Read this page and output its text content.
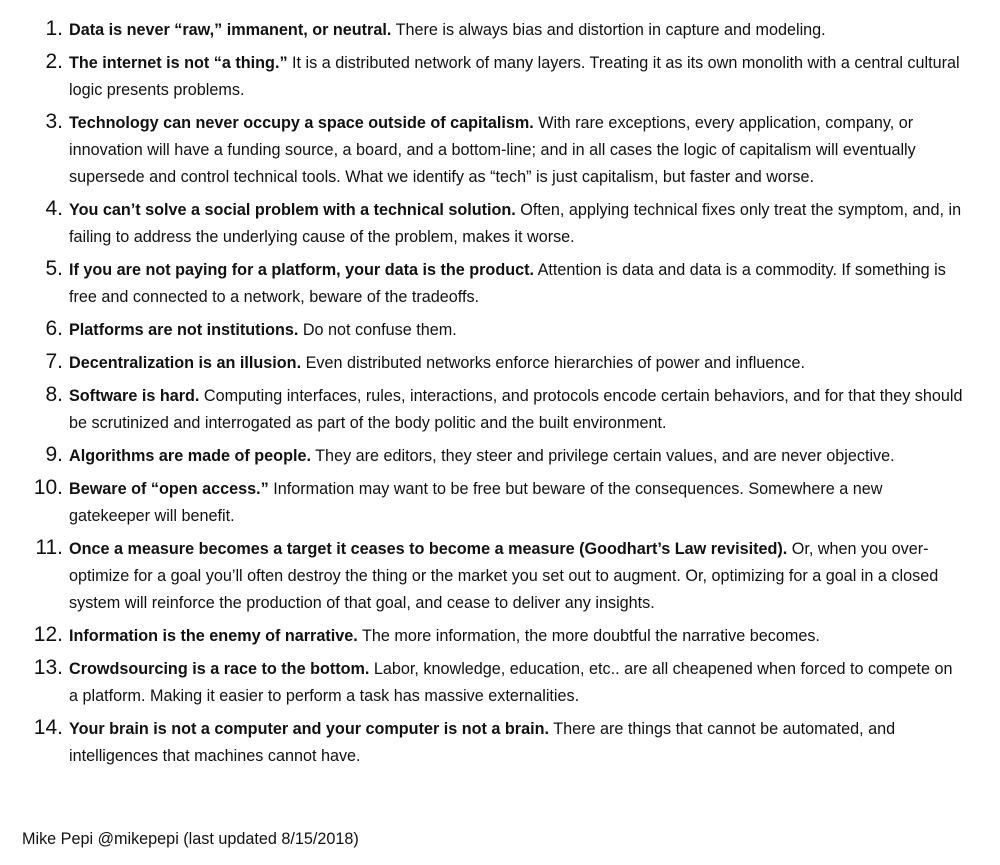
1. Data is never “raw,” immanent, or neutral. There is always bias and distortion in capture and modeling.
2. The internet is not “a thing.” It is a distributed network of many layers. Treating it as its own monolith with a central cultural logic presents problems.
3. Technology can never occupy a space outside of capitalism. With rare exceptions, every application, company, or innovation will have a funding source, a board, and a bottom-line; and in all cases the logic of capitalism will eventually supersede and control technical tools. What we identify as “tech” is just capitalism, but faster and worse.
4. You can’t solve a social problem with a technical solution. Often, applying technical fixes only treat the symptom, and, in failing to address the underlying cause of the problem, makes it worse.
5. If you are not paying for a platform, your data is the product. Attention is data and data is a commodity. If something is free and connected to a network, beware of the tradeoffs.
6. Platforms are not institutions. Do not confuse them.
7. Decentralization is an illusion. Even distributed networks enforce hierarchies of power and influence.
8. Software is hard. Computing interfaces, rules, interactions, and protocols encode certain behaviors, and for that they should be scrutinized and interrogated as part of the body politic and the built environment.
9. Algorithms are made of people. They are editors, they steer and privilege certain values, and are never objective.
10. Beware of “open access.” Information may want to be free but beware of the consequences. Somewhere a new gatekeeper will benefit.
11. Once a measure becomes a target it ceases to become a measure (Goodhart’s Law revisited). Or, when you over-optimize for a goal you’ll often destroy the thing or the market you set out to augment. Or, optimizing for a goal in a closed system will reinforce the production of that goal, and cease to deliver any insights.
12. Information is the enemy of narrative. The more information, the more doubtful the narrative becomes.
13. Crowdsourcing is a race to the bottom. Labor, knowledge, education, etc.. are all cheapened when forced to compete on a platform. Making it easier to perform a task has massive externalities.
14. Your brain is not a computer and your computer is not a brain. There are things that cannot be automated, and intelligences that machines cannot have.
Mike Pepi @mikepepi (last updated 8/15/2018)
